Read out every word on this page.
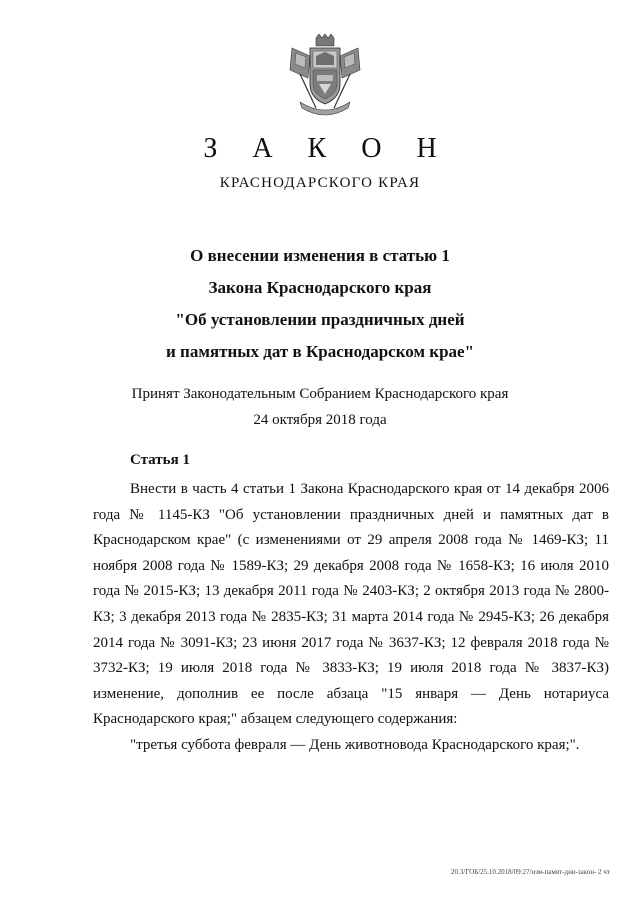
З А К О Н
КРАСНОДАРСКОГО КРАЯ
О внесении изменения в статью 1
Закона Краснодарского края
"Об установлении праздничных дней
и памятных дат в Краснодарском крае"
Принят Законодательным Собранием Краснодарского края
24 октября 2018 года
Статья 1

Внести в часть 4 статьи 1 Закона Краснодарского края от 14 декабря 2006 года № 1145-КЗ "Об установлении праздничных дней и памятных дат в Краснодарском крае" (с изменениями от 29 апреля 2008 года № 1469-КЗ; 11 ноября 2008 года № 1589-КЗ; 29 декабря 2008 года № 1658-КЗ; 16 июля 2010 года № 2015-КЗ; 13 декабря 2011 года № 2403-КЗ; 2 октября 2013 года № 2800-КЗ; 3 декабря 2013 года № 2835-КЗ; 31 марта 2014 года № 2945-КЗ; 26 декабря 2014 года № 3091-КЗ; 23 июня 2017 года № 3637-КЗ; 12 февраля 2018 года № 3732-КЗ; 19 июля 2018 года № 3833-КЗ; 19 июля 2018 года № 3837-КЗ) изменение, дополнив ее после абзаца "15 января — День нотариуса Краснодарского края;" абзацем следующего содержания:

"третья суббота февраля — День животновода Краснодарского края;".

20.3/ГОБ/25.10.2018/09:27/изм-памят-дни-закон- 2 чт
